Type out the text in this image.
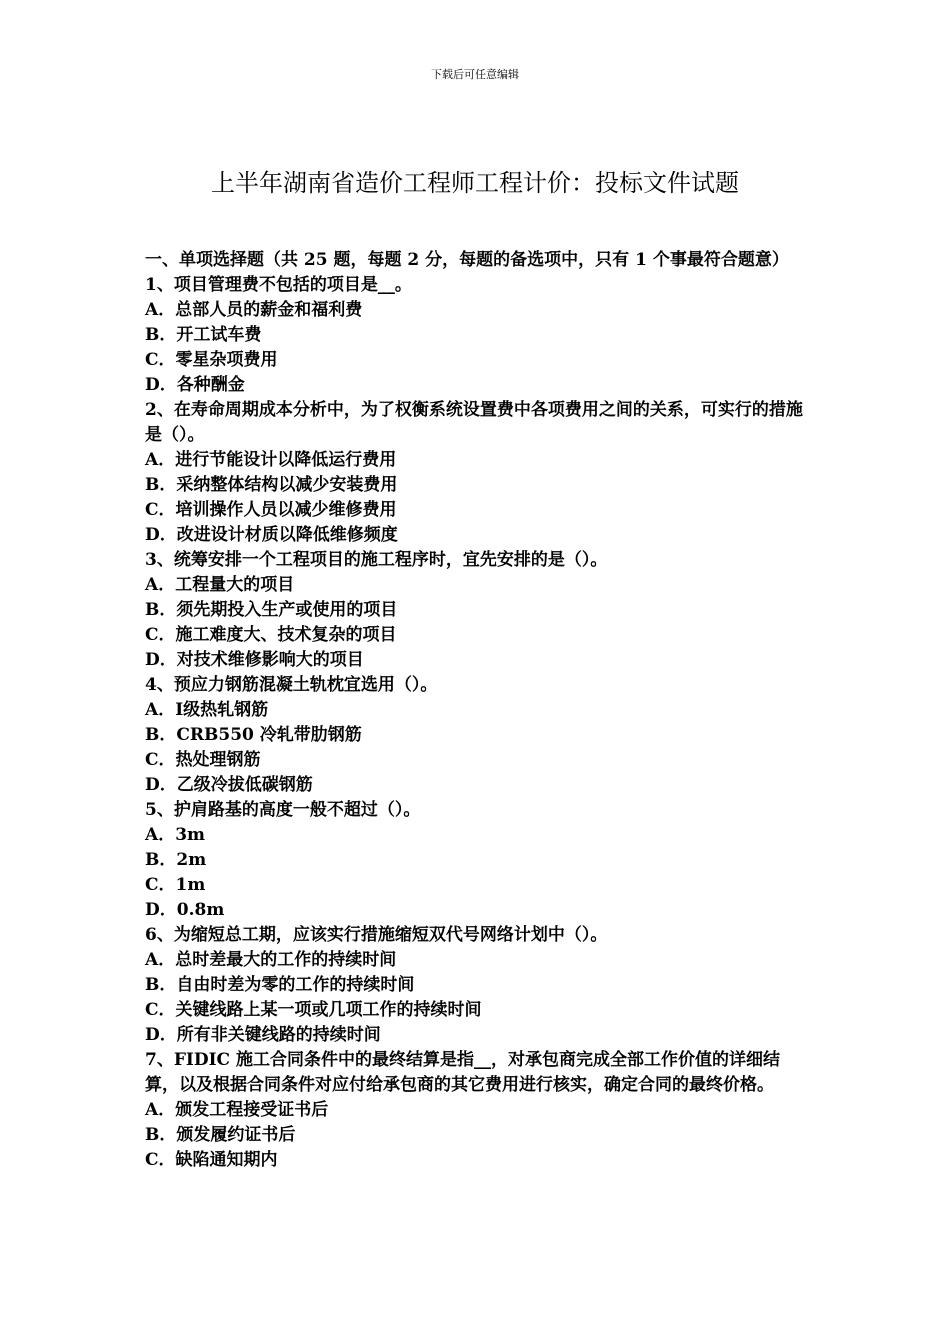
下载后可任意编辑
上半年湖南省造价工程师工程计价：投标文件试题

一、单项选择题（共 25 题，每题 2 分，每题的备选项中，只有 1 个事最符合题意）

1、项目管理费不包括的项目是__。

A．总部人员的薪金和福利费
B．开工试车费
C．零星杂项费用
D．各种酬金

2、在寿命周期成本分析中，为了权衡系统设置费中各项费用之间的关系，可实行的措施是（）。

A．进行节能设计以降低运行费用
B．采纳整体结构以减少安装费用
C．培训操作人员以减少维修费用
D．改进设计材质以降低维修频度

3、统筹安排一个工程项目的施工程序时，宜先安排的是（）。

A．工程量大的项目
B．须先期投入生产或使用的项目
C．施工难度大、技术复杂的项目
D．对技术维修影响大的项目

4、预应力钢筋混凝土轨枕宜选用（）。

A．Ⅰ级热轧钢筋
B．CRB550 冷轧带肋钢筋
C．热处理钢筋
D．乙级冷拔低碳钢筋

5、护肩路基的高度一般不超过（）。

A．3m
B．2m
C．1m
D．0.8m

6、为缩短总工期，应该实行措施缩短双代号网络计划中（）。

A．总时差最大的工作的持续时间
B．自由时差为零的工作的持续时间
C．关键线路上某一项或几项工作的持续时间
D．所有非关键线路的持续时间

7、FIDIC 施工合同条件中的最终结算是指__，对承包商完成全部工作价值的详细结算，以及根据合同条件对应付给承包商的其它费用进行核实，确定合同的最终价格。

A．颁发工程接受证书后
B．颁发履约证书后
C．缺陷通知期内
